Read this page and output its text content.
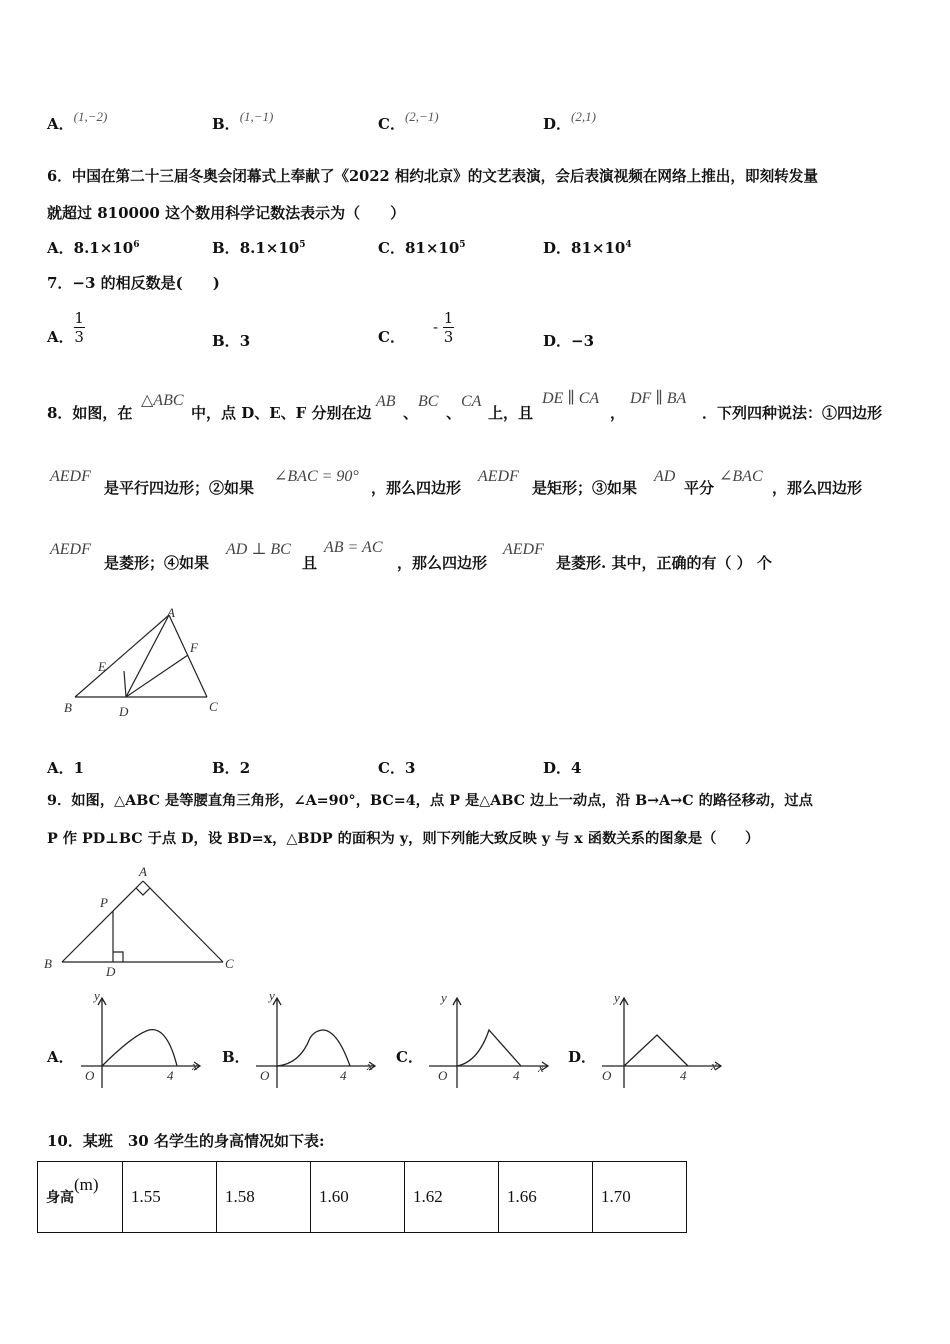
A．$^{(1,-2)}$	B．$^{(1,-1)}$	C．$^{(2,-1)}$	D．$^{(2,1)}$
6．中国在第二十三届冬奥会闭幕式上奉献了《2022 相约北京》的文艺表演，会后表演视频在网络上推出，即刻转发量
就超过 810000 这个数用科学记数法表示为（　　）
A．$8.1\times 10^6$	B．$8.1\times 10^5$	C．$81\times 10^5$	D．$81\times 10^4$
7．−3 的相反数是(　　)
A． $\frac{1}{3}$	B．3	C．
- $\frac{1}{3}$	D．−3
8．如图，在
△ABC
中，点 D、E、F 分别在边
AB
、
BC
、
CA
上，且
DE ∥ CA
，
DF ∥ BA
．下列四种说法：①四边形
AEDF
是平行四边形；②如果
∠BAC = 90°
，那么四边形
AEDF
是矩形；③如果
AD
平分
∠BAC
，那么四边形
AEDF
是菱形；④如果
AD ⊥ BC
且
AB = AC
，那么四边形
AEDF
是菱形. 其中，正确的有（ ） 个
A
B	C
D
E
F
A．1	B．2	C．3	D．4
9．如图，△ABC 是等腰直角三角形，∠A=90°，BC=4，点 P 是△ABC 边上一动点，沿 B→A→C 的路径移动，过点
P 作 PD⊥BC 于点 D，设 BD=x，△BDP 的面积为 y，则下列能大致反映 y 与 x 函数关系的图象是（　　）
A
B	C
D
P
A．
y
x
O	4
B．
y
x
O	4
C．
y
x
O	4
D．
y
x
O	4
10．某班　30 名学生的身高情况如下表:
身高(m)	1.55	1.58	1.60	1.62	1.66	1.70
